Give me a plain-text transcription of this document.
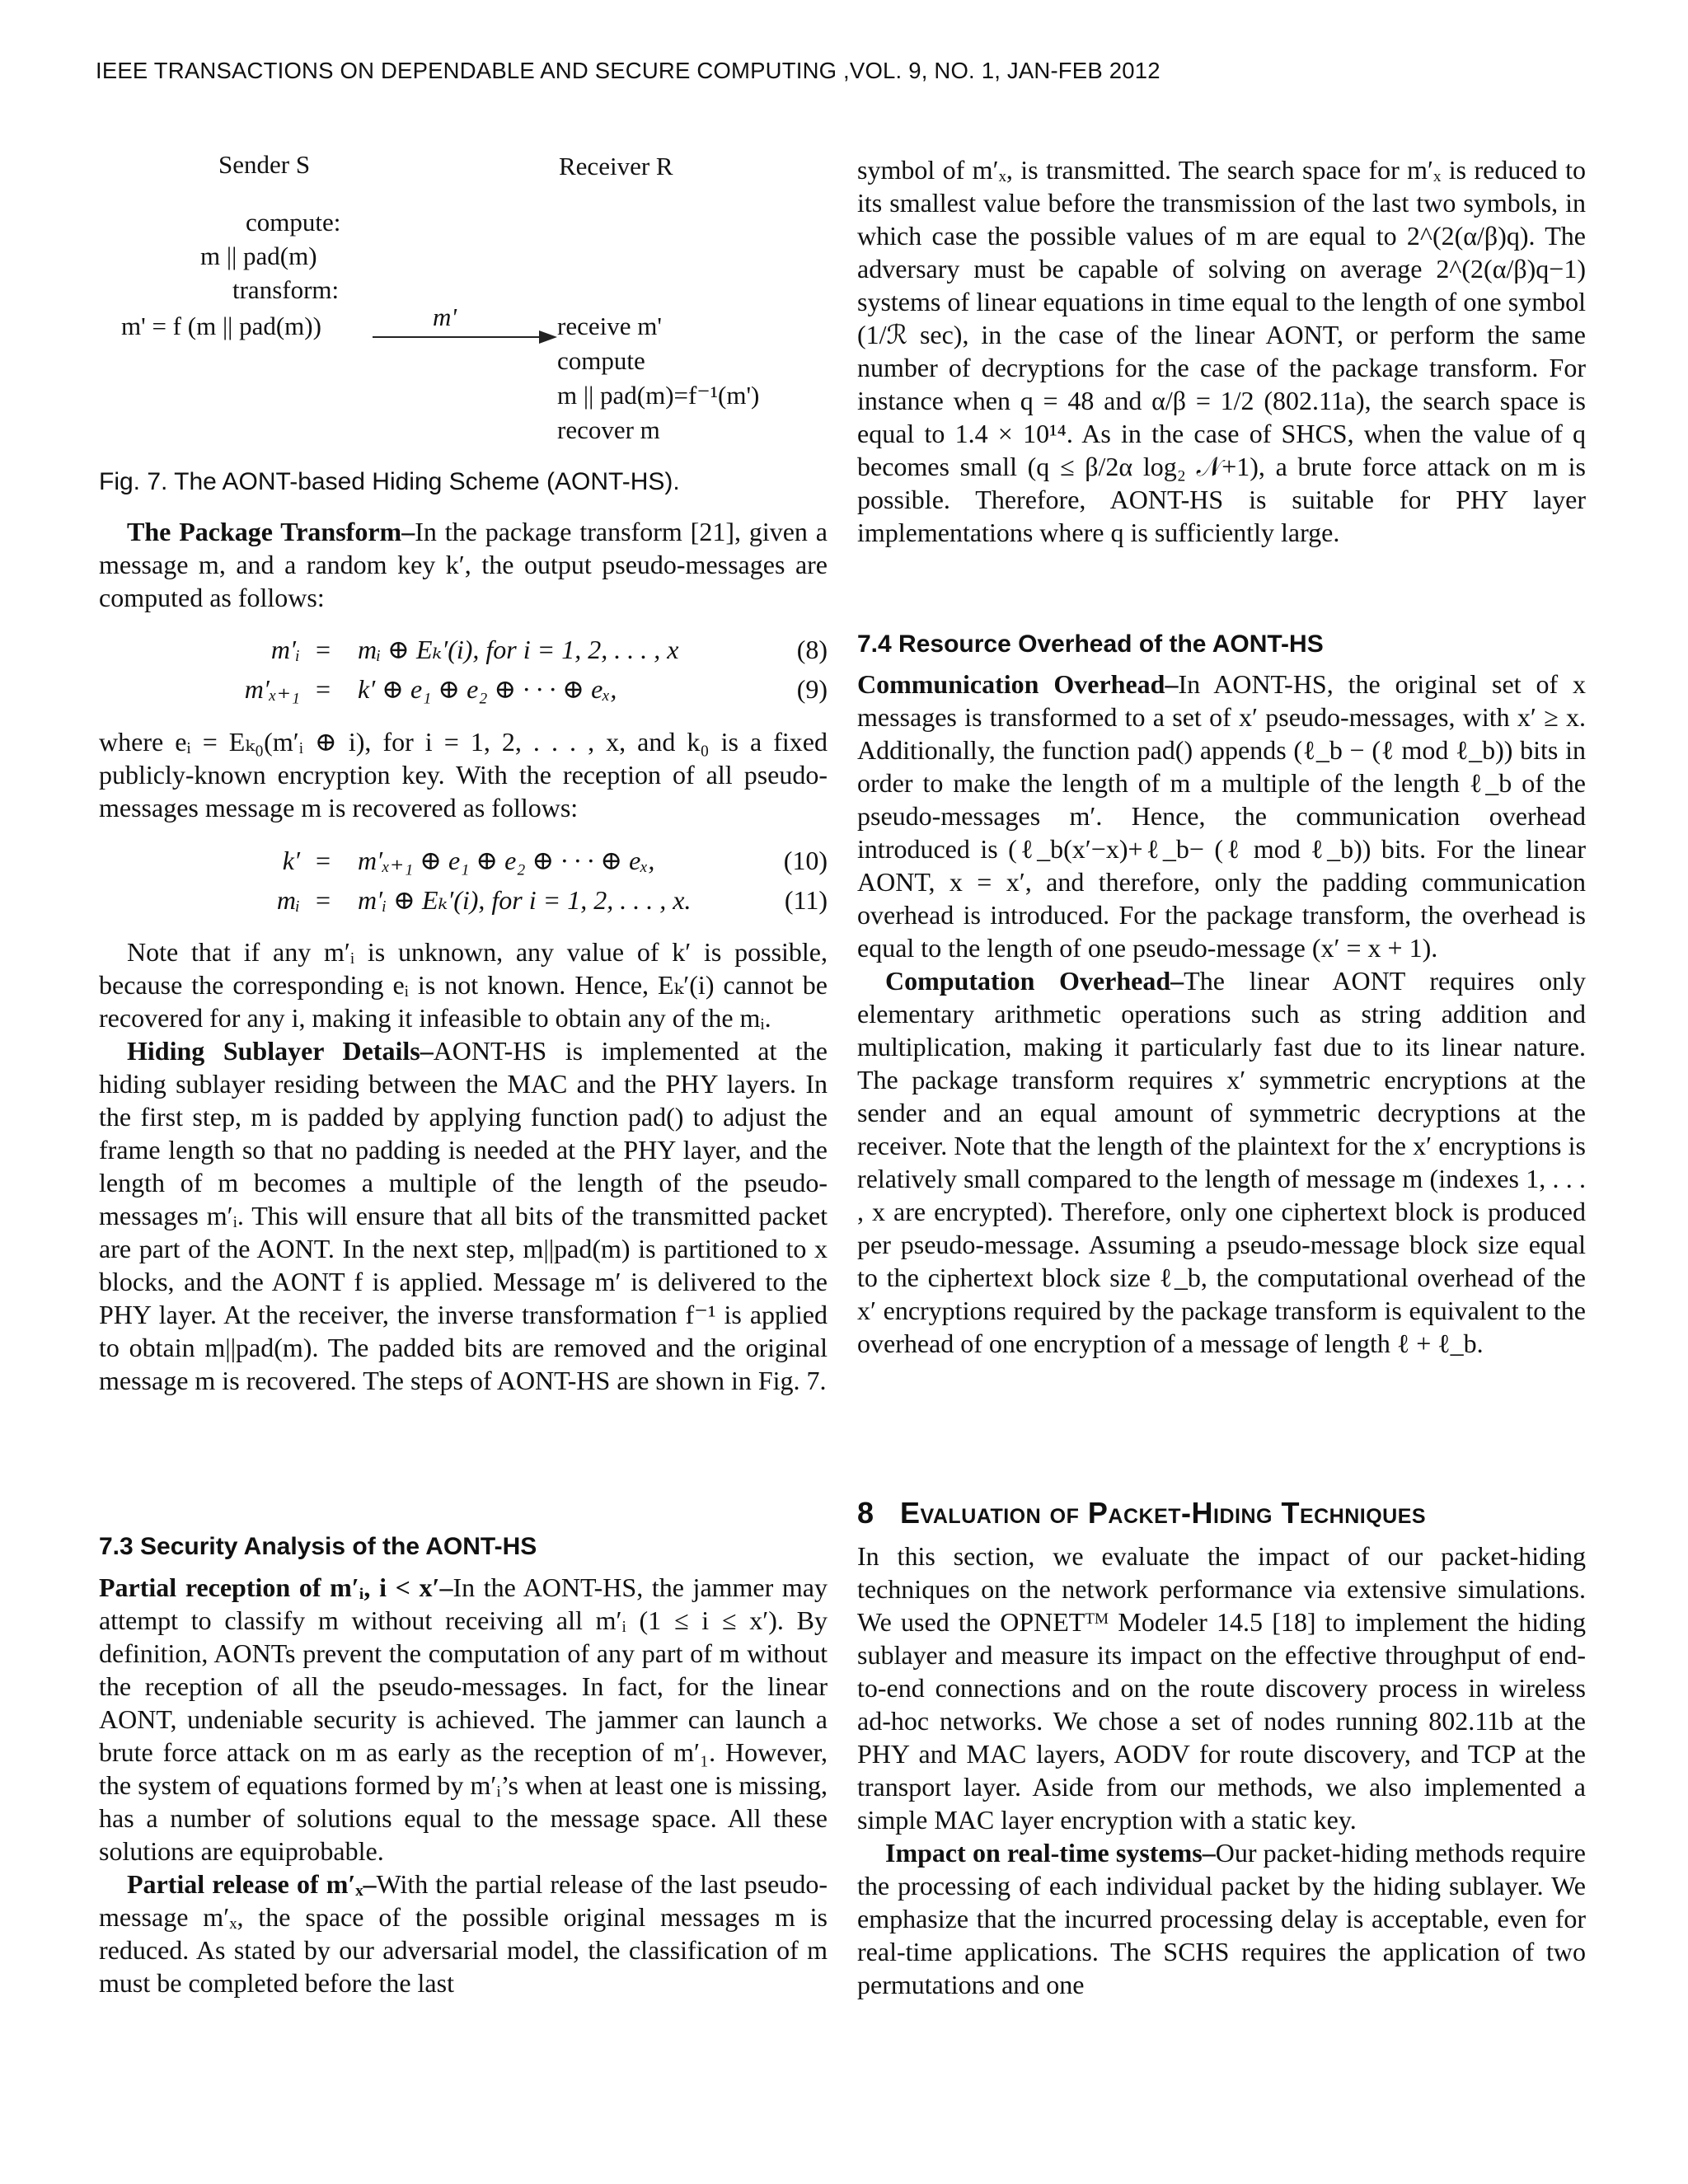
IEEE TRANSACTIONS ON DEPENDABLE AND SECURE COMPUTING ,VOL. 9, NO. 1, JAN-FEB 2012
Sender S	Receiver R
compute:
m || pad(m)
transform:
m' = f (m || pad(m))	m'	receive m'
compute
m || pad(m)=f⁻¹(m')
recover m
Fig. 7. The AONT-based Hiding Scheme (AONT-HS).

The Package Transform–In the package transform [21], given a message m, and a random key k′, the output pseudo-messages are computed as follows:

m′ᵢ =	mᵢ ⊕ Eₖ′(i), for i = 1, 2, . . . , x	(8)
m′ₓ₊₁ =	k′ ⊕ e₁ ⊕ e₂ ⊕ · · · ⊕ eₓ,	(9)

where eᵢ = Eₖ₀(m′ᵢ ⊕ i), for i = 1, 2, . . . , x, and k₀ is a fixed publicly-known encryption key. With the reception of all pseudo-messages message m is recovered as follows:

k′ =	m′ₓ₊₁ ⊕ e₁ ⊕ e₂ ⊕ · · · ⊕ eₓ,	(10)
mᵢ =	m′ᵢ ⊕ Eₖ′(i), for i = 1, 2, . . . , x.	(11)

Note that if any m′ᵢ is unknown, any value of k′ is possible, because the corresponding eᵢ is not known. Hence, Eₖ′(i) cannot be recovered for any i, making it infeasible to obtain any of the mᵢ.

Hiding Sublayer Details–AONT-HS is implemented at the hiding sublayer residing between the MAC and the PHY layers. In the first step, m is padded by applying function pad() to adjust the frame length so that no padding is needed at the PHY layer, and the length of m becomes a multiple of the length of the pseudo-messages m′ᵢ. This will ensure that all bits of the transmitted packet are part of the AONT. In the next step, m||pad(m) is partitioned to x blocks, and the AONT f is applied. Message m′ is delivered to the PHY layer. At the receiver, the inverse transformation f⁻¹ is applied to obtain m||pad(m). The padded bits are removed and the original message m is recovered. The steps of AONT-HS are shown in Fig. 7.

7.3 Security Analysis of the AONT-HS

Partial reception of m′ᵢ, i < x′–In the AONT-HS, the jammer may attempt to classify m without receiving all m′ᵢ (1 ≤ i ≤ x′). By definition, AONTs prevent the computation of any part of m without the reception of all the pseudo-messages. In fact, for the linear AONT, undeniable security is achieved. The jammer can launch a brute force attack on m as early as the reception of m′₁. However, the system of equations formed by m′ᵢ’s when at least one is missing, has a number of solutions equal to the message space. All these solutions are equiprobable.

Partial release of m′ₓ–With the partial release of the last pseudo-message m′ₓ, the space of the possible original messages m is reduced. As stated by our adversarial model, the classification of m must be completed before the last

symbol of m′ₓ, is transmitted. The search space for m′ₓ is reduced to its smallest value before the transmission of the last two symbols, in which case the possible values of m are equal to 2^(2(α/β)q). The adversary must be capable of solving on average 2^(2(α/β)q−1) systems of linear equations in time equal to the length of one symbol (1/ℛ sec), in the case of the linear AONT, or perform the same number of decryptions for the case of the package transform. For instance when q = 48 and α/β = 1/2 (802.11a), the search space is equal to 1.4 × 10¹⁴. As in the case of SHCS, when the value of q becomes small (q ≤ β/2α log₂ 𝒩+1), a brute force attack on m is possible. Therefore, AONT-HS is suitable for PHY layer implementations where q is sufficiently large.

7.4 Resource Overhead of the AONT-HS

Communication Overhead–In AONT-HS, the original set of x messages is transformed to a set of x′ pseudo-messages, with x′ ≥ x. Additionally, the function pad() appends (ℓ_b − (ℓ mod ℓ_b)) bits in order to make the length of m a multiple of the length ℓ_b of the pseudo-messages m′. Hence, the communication overhead introduced is (ℓ_b(x′−x)+ℓ_b− (ℓ mod ℓ_b)) bits. For the linear AONT, x = x′, and therefore, only the padding communication overhead is introduced. For the package transform, the overhead is equal to the length of one pseudo-message (x′ = x + 1).

Computation Overhead–The linear AONT requires only elementary arithmetic operations such as string addition and multiplication, making it particularly fast due to its linear nature. The package transform requires x′ symmetric encryptions at the sender and an equal amount of symmetric decryptions at the receiver. Note that the length of the plaintext for the x′ encryptions is relatively small compared to the length of message m (indexes 1, . . . , x are encrypted). Therefore, only one ciphertext block is produced per pseudo-message. Assuming a pseudo-message block size equal to the ciphertext block size ℓ_b, the computational overhead of the x′ encryptions required by the package transform is equivalent to the overhead of one encryption of a message of length ℓ + ℓ_b.

8 Evaluation of Packet-Hiding Techniques

In this section, we evaluate the impact of our packet-hiding techniques on the network performance via extensive simulations. We used the OPNETᵀᴹ Modeler 14.5 [18] to implement the hiding sublayer and measure its impact on the effective throughput of end-to-end connections and on the route discovery process in wireless ad-hoc networks. We chose a set of nodes running 802.11b at the PHY and MAC layers, AODV for route discovery, and TCP at the transport layer. Aside from our methods, we also implemented a simple MAC layer encryption with a static key.

Impact on real-time systems–Our packet-hiding methods require the processing of each individual packet by the hiding sublayer. We emphasize that the incurred processing delay is acceptable, even for real-time applications. The SCHS requires the application of two permutations and one
